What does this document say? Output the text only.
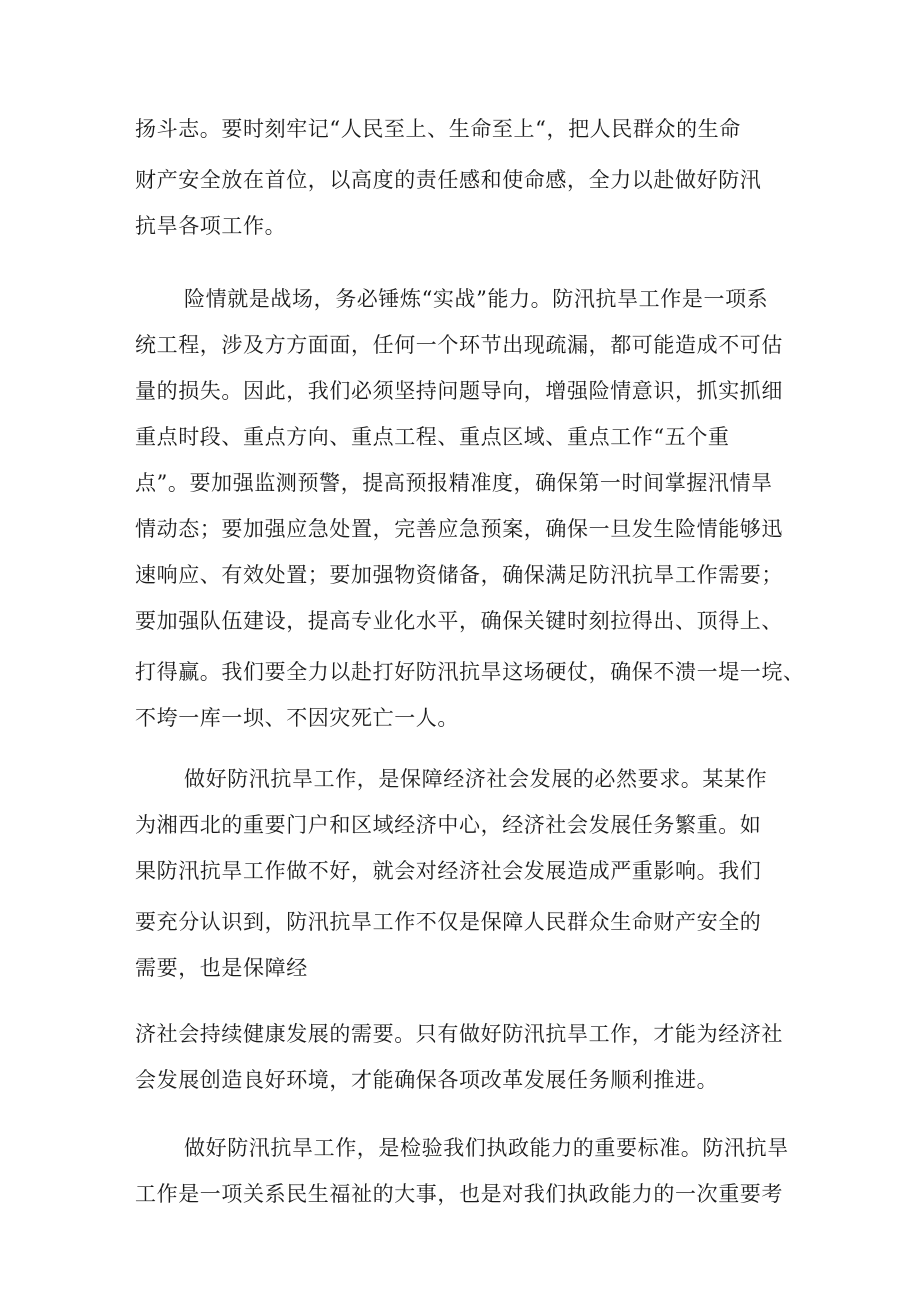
扬斗志。要时刻牢记“人民至上、生命至上“，把人民群众的生命

财产安全放在首位，以高度的责任感和使命感，全力以赴做好防汛

抗旱各项工作。

险情就是战场，务必锤炼“实战”能力。防汛抗旱工作是一项系

统工程，涉及方方面面，任何一个环节出现疏漏，都可能造成不可估

量的损失。因此，我们必须坚持问题导向，增强险情意识，抓实抓细

重点时段、重点方向、重点工程、重点区域、重点工作“五个重

点”。要加强监测预警，提高预报精准度，确保第一时间掌握汛情旱

情动态；要加强应急处置，完善应急预案，确保一旦发生险情能够迅

速响应、有效处置；要加强物资储备，确保满足防汛抗旱工作需要；

要加强队伍建设，提高专业化水平，确保关键时刻拉得出、顶得上、

打得赢。我们要全力以赴打好防汛抗旱这场硬仗，确保不溃一堤一垸、

不垮一库一坝、不因灾死亡一人。

做好防汛抗旱工作，是保障经济社会发展的必然要求。某某作

为湘西北的重要门户和区域经济中心，经济社会发展任务繁重。如

果防汛抗旱工作做不好，就会对经济社会发展造成严重影响。我们

要充分认识到，防汛抗旱工作不仅是保障人民群众生命财产安全的

需要，也是保障经

济社会持续健康发展的需要。只有做好防汛抗旱工作，才能为经济社

会发展创造良好环境，才能确保各项改革发展任务顺利推进。

做好防汛抗旱工作，是检验我们执政能力的重要标准。防汛抗旱

工作是一项关系民生福祉的大事，也是对我们执政能力的一次重要考
